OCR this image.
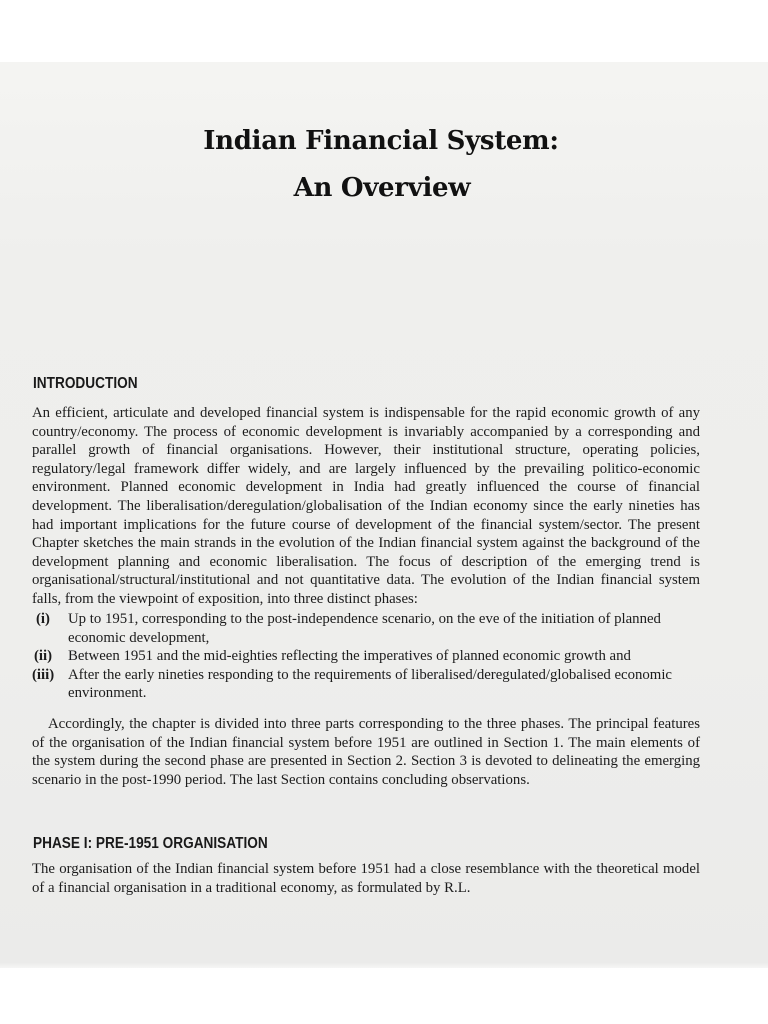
Indian Financial System:
An Overview
INTRODUCTION

An efficient, articulate and developed financial system is indispensable for the rapid economic growth of any country/economy. The process of economic development is invariably accompanied by a corresponding and parallel growth of financial organisations. However, their institutional structure, operating policies, regulatory/legal framework differ widely, and are largely influenced by the prevailing politico-economic environment. Planned economic development in India had greatly influenced the course of financial development. The liberalisation/deregulation/globalisation of the Indian economy since the early nineties has had important implications for the future course of development of the financial system/sector. The present Chapter sketches the main strands in the evolution of the Indian financial system against the background of the development planning and economic liberalisation. The focus of description of the emerging trend is organisational/structural/institutional and not quantitative data. The evolution of the Indian financial system falls, from the viewpoint of exposition, into three distinct phases:

(i) Up to 1951, corresponding to the post-independence scenario, on the eve of the initiation of planned economic development,
(ii) Between 1951 and the mid-eighties reflecting the imperatives of planned economic growth and
(iii) After the early nineties responding to the requirements of liberalised/deregulated/globalised economic environment.

Accordingly, the chapter is divided into three parts corresponding to the three phases. The principal features of the organisation of the Indian financial system before 1951 are outlined in Section 1. The main elements of the system during the second phase are presented in Section 2. Section 3 is devoted to delineating the emerging scenario in the post-1990 period. The last Section contains concluding observations.

PHASE I: PRE-1951 ORGANISATION

The organisation of the Indian financial system before 1951 had a close resemblance with the theoretical model of a financial organisation in a traditional economy, as formulated by R.L.
